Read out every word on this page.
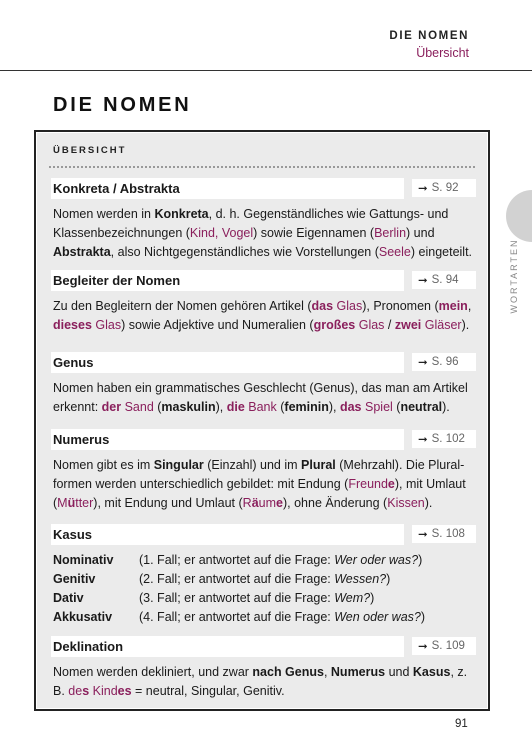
DIE NOMEN
Übersicht
DIE NOMEN
WORTARTEN
ÜBERSICHT
Konkreta / Abstrakta	➞ S. 92
Nomen werden in Konkreta, d. h. Gegenständliches wie Gattungs- und Klassenbezeichnungen (Kind, Vogel) sowie Eigennamen (Berlin) und Abstrakta, also Nichtgegenständliches wie Vorstellungen (Seele) eingeteilt.
Begleiter der Nomen	➞ S. 94
Zu den Begleitern der Nomen gehören Artikel (das Glas), Pronomen (mein, dieses Glas) sowie Adjektive und Numeralien (großes Glas / zwei Gläser).
Genus	➞ S. 96
Nomen haben ein grammatisches Geschlecht (Genus), das man am Artikel erkennt: der Sand (maskulin), die Bank (feminin), das Spiel (neutral).
Numerus	➞ S. 102
Nomen gibt es im Singular (Einzahl) und im Plural (Mehrzahl). Die Pluralformen werden unterschiedlich gebildet: mit Endung (Freunde), mit Umlaut (Mütter), mit Endung und Umlaut (Räume), ohne Änderung (Kissen).
Kasus	➞ S. 108
Nominativ	(1. Fall; er antwortet auf die Frage: Wer oder was?)
Genitiv	(2. Fall; er antwortet auf die Frage: Wessen?)
Dativ	(3. Fall; er antwortet auf die Frage: Wem?)
Akkusativ	(4. Fall; er antwortet auf die Frage: Wen oder was?)
Deklination	➞ S. 109
Nomen werden dekliniert, und zwar nach Genus, Numerus und Kasus, z. B. des Kindes = neutral, Singular, Genitiv.
91
